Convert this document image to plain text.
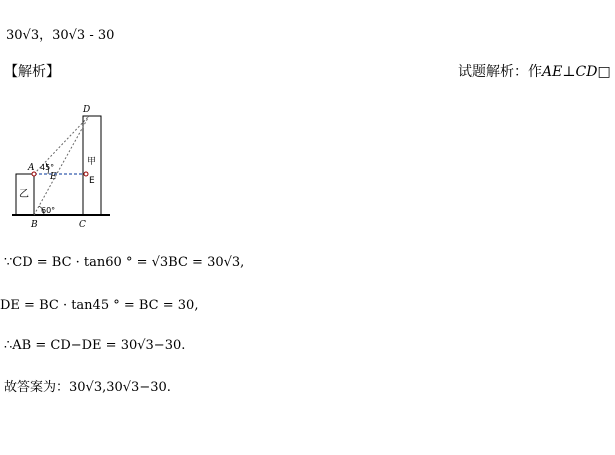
30√3，30√3 - 30
【解析】	试题解析：作AE⊥CD□
A
B	C
D
E	E
甲
乙
45°
60°
∵CD = BC · tan60 ° = √3BC = 30√3,
DE = BC · tan45 ° = BC = 30,
∴AB = CD−DE = 30√3−30.
故答案为：30√3,30√3−30.
